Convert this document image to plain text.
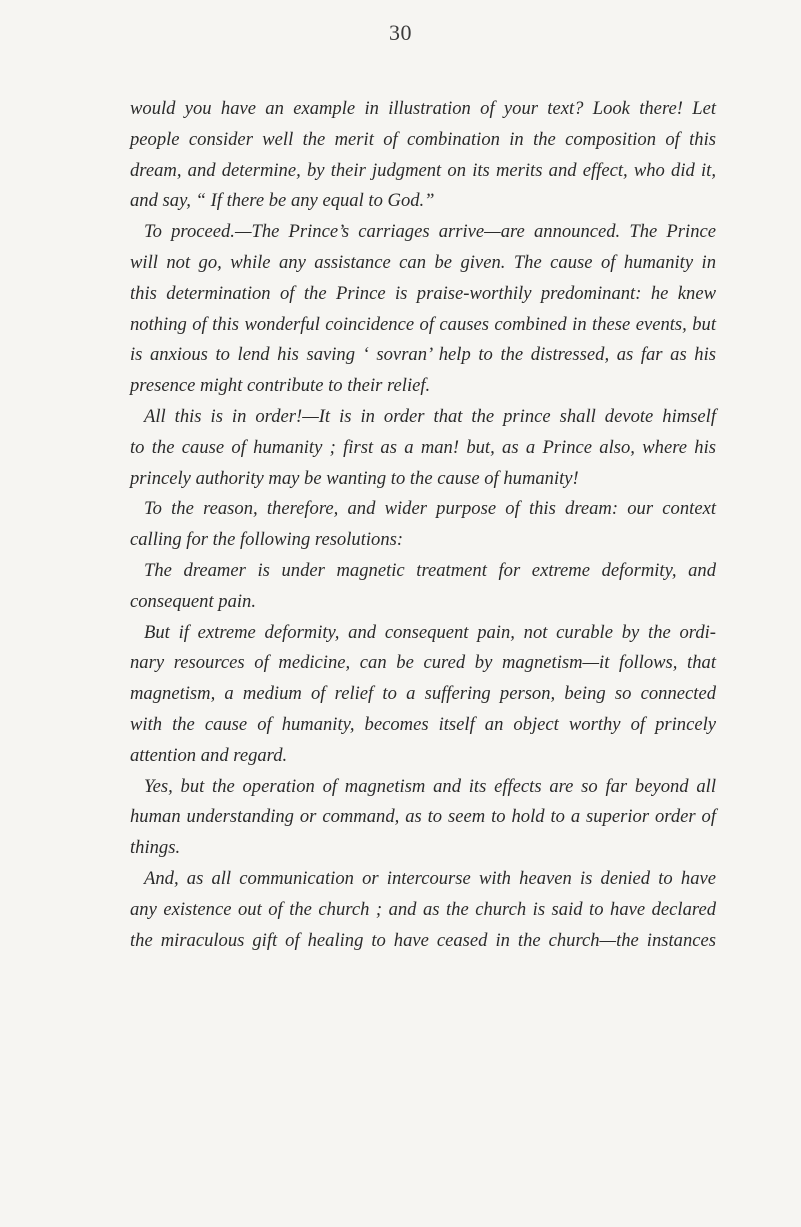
30
would you have an example in illustration of your text? Look there! Let
people consider well the merit of combination in the composition of this
dream, and determine, by their judgment on its merits and effect, who did it,
and say, “ If there be any equal to God.”
To proceed.—The Prince’s carriages arrive—are announced. The Prince
will not go, while any assistance can be given. The cause of humanity in
this determination of the Prince is praise-worthily predominant: he knew
nothing of this wonderful coincidence of causes combined in these events, but
is anxious to lend his saving ‘ sovran’ help to the distressed, as far as his
presence might contribute to their relief.
All this is in order!—It is in order that the prince shall devote himself
to the cause of humanity ; first as a man! but, as a Prince also, where his
princely authority may be wanting to the cause of humanity!
To the reason, therefore, and wider purpose of this dream: our context
calling for the following resolutions:
The dreamer is under magnetic treatment for extreme deformity, and
consequent pain.
But if extreme deformity, and consequent pain, not curable by the ordi-
nary resources of medicine, can be cured by magnetism—it follows, that
magnetism, a medium of relief to a suffering person, being so connected
with the cause of humanity, becomes itself an object worthy of princely
attention and regard.
Yes, but the operation of magnetism and its effects are so far beyond all
human understanding or command, as to seem to hold to a superior order of
things.
And, as all communication or intercourse with heaven is denied to have
any existence out of the church ; and as the church is said to have declared
the miraculous gift of healing to have ceased in the church—the instances
